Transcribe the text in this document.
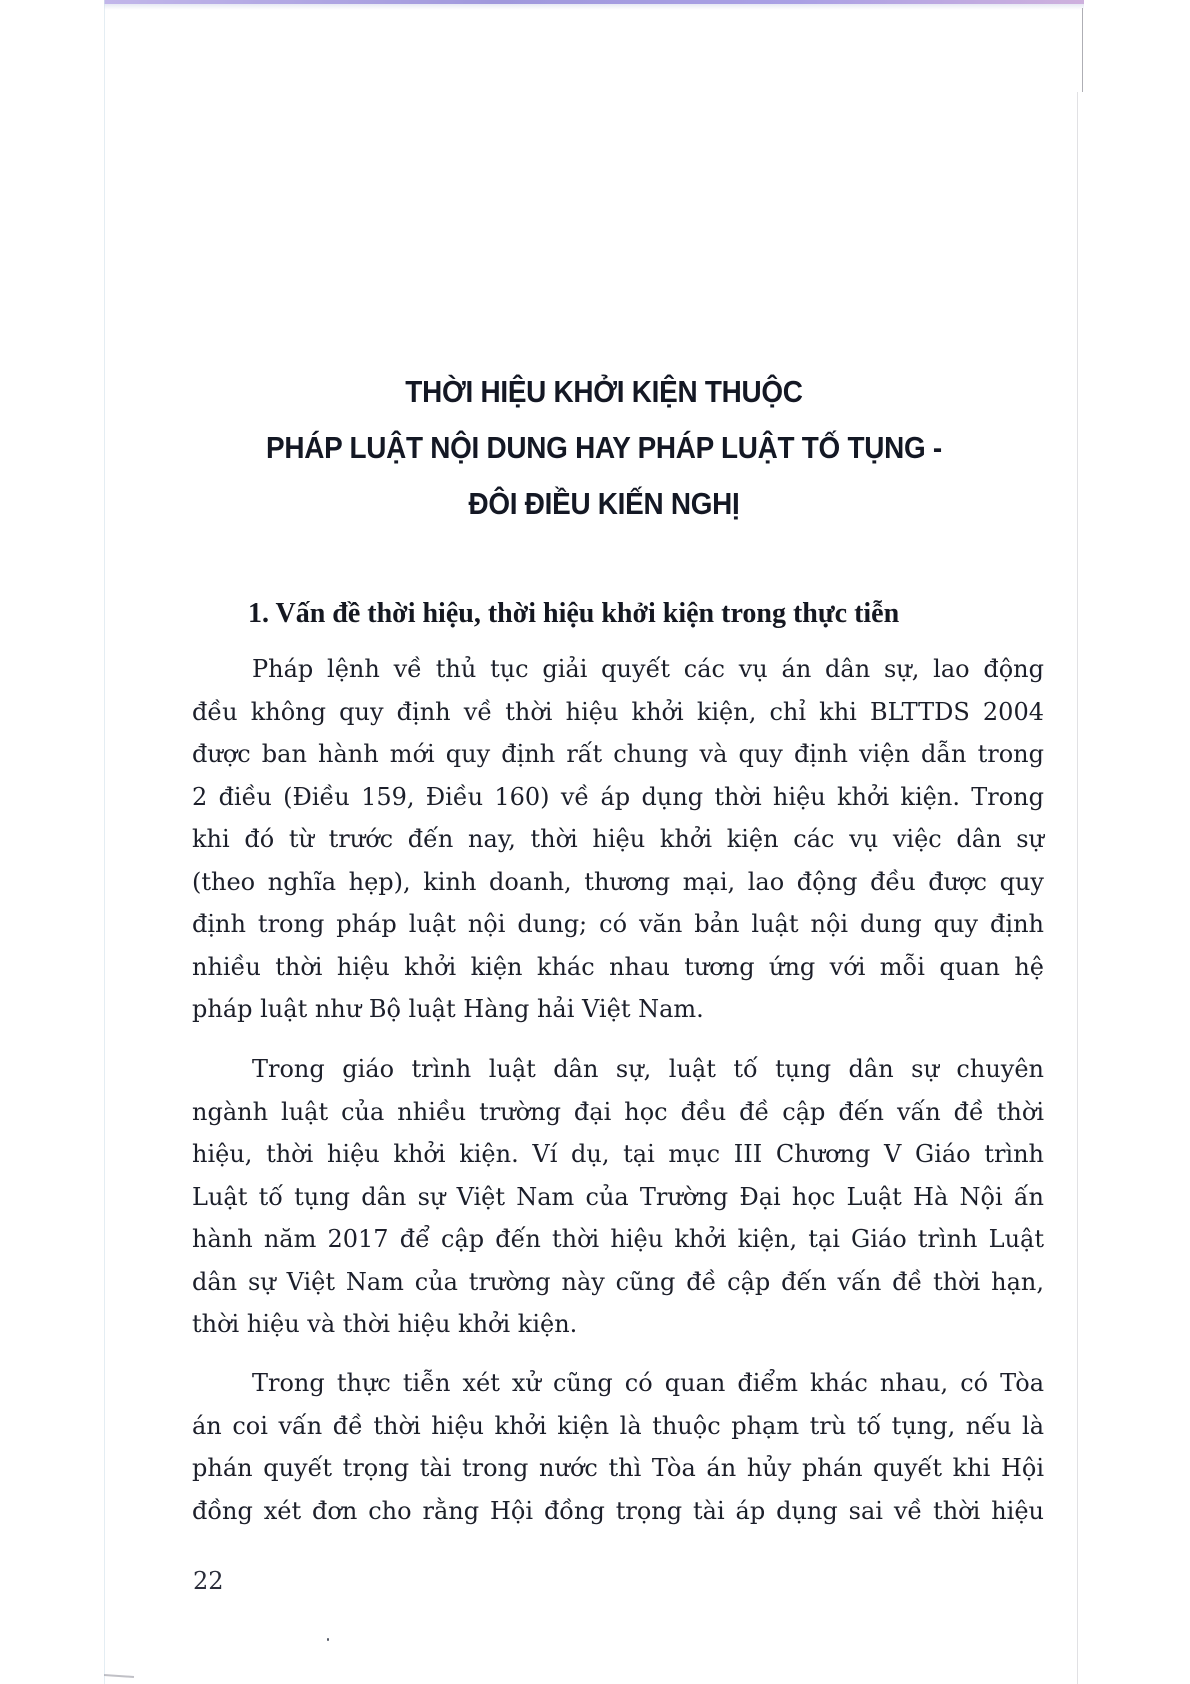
THỜI HIỆU KHỞI KIỆN THUỘC
PHÁP LUẬT NỘI DUNG HAY PHÁP LUẬT TỐ TỤNG -
ĐÔI ĐIỀU KIẾN NGHỊ
1. Vấn đề thời hiệu, thời hiệu khởi kiện trong thực tiễn
Pháp lệnh về thủ tục giải quyết các vụ án dân sự, lao động
đều không quy định về thời hiệu khởi kiện, chỉ khi BLTTDS 2004
được ban hành mới quy định rất chung và quy định viện dẫn trong
2 điều (Điều 159, Điều 160) về áp dụng thời hiệu khởi kiện. Trong
khi đó từ trước đến nay, thời hiệu khởi kiện các vụ việc dân sự
(theo nghĩa hẹp), kinh doanh, thương mại, lao động đều được quy
định trong pháp luật nội dung; có văn bản luật nội dung quy định
nhiều thời hiệu khởi kiện khác nhau tương ứng với mỗi quan hệ
pháp luật như Bộ luật Hàng hải Việt Nam.
Trong giáo trình luật dân sự, luật tố tụng dân sự chuyên
ngành luật của nhiều trường đại học đều đề cập đến vấn đề thời
hiệu, thời hiệu khởi kiện. Ví dụ, tại mục III Chương V Giáo trình
Luật tố tụng dân sự Việt Nam của Trường Đại học Luật Hà Nội ấn
hành năm 2017 để cập đến thời hiệu khởi kiện, tại Giáo trình Luật
dân sự Việt Nam của trường này cũng đề cập đến vấn đề thời hạn,
thời hiệu và thời hiệu khởi kiện.
Trong thực tiễn xét xử cũng có quan điểm khác nhau, có Tòa
án coi vấn đề thời hiệu khởi kiện là thuộc phạm trù tố tụng, nếu là
phán quyết trọng tài trong nước thì Tòa án hủy phán quyết khi Hội
đồng xét đơn cho rằng Hội đồng trọng tài áp dụng sai về thời hiệu
22
